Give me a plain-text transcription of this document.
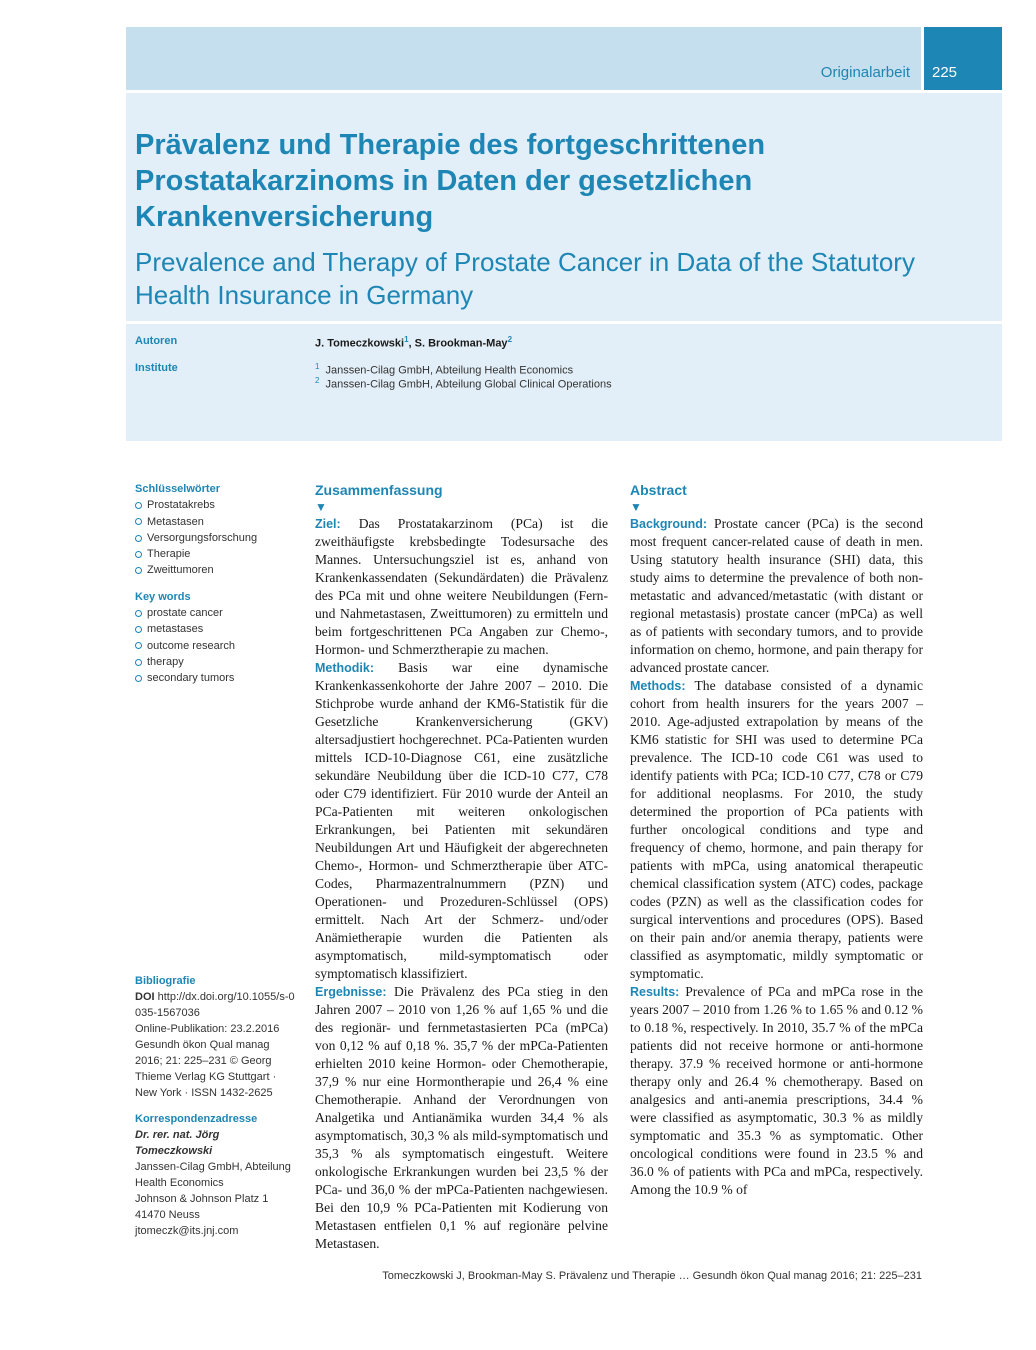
Originalarbeit 225
Prävalenz und Therapie des fortgeschrittenen Prostatakarzinoms in Daten der gesetzlichen Krankenversicherung
Prevalence and Therapy of Prostate Cancer in Data of the Statutory Health Insurance in Germany
Autoren	J. Tomeczkowski$^1$, S. Brookman-May$^2$
Institute	$^1$ Janssen-Cilag GmbH, Abteilung Health Economics
$^2$ Janssen-Cilag GmbH, Abteilung Global Clinical Operations
Schlüsselwörter
Prostatakrebs
Metastasen
Versorgungsforschung
Therapie
Zweittumoren
Key words
prostate cancer
metastases
outcome research
therapy
secondary tumors
Bibliografie
DOI http://dx.doi.org/10.1055/s-0035-1567036
Online-Publikation: 23.2.2016
Gesundh ökon Qual manag 2016; 21: 225–231 © Georg Thieme Verlag KG Stuttgart · New York · ISSN 1432-2625
Korrespondenzadresse
Dr. rer. nat. Jörg Tomeczkowski
Janssen-Cilag GmbH, Abteilung Health Economics
Johnson & Johnson Platz 1
41470 Neuss
jtomeczk@its.jnj.com
Zusammenfassung
▼

Ziel: Das Prostatakarzinom (PCa) ist die zweithäufigste krebsbedingte Todesursache des Mannes. Untersuchungsziel ist es, anhand von Krankenkassendaten (Sekundärdaten) die Prävalenz des PCa mit und ohne weitere Neubildungen (Fern- und Nahmetastasen, Zweittumoren) zu ermitteln und beim fortgeschrittenen PCa Angaben zur Chemo-, Hormon- und Schmerztherapie zu machen.

Methodik: Basis war eine dynamische Krankenkassenkohorte der Jahre 2007 – 2010. Die Stichprobe wurde anhand der KM6-Statistik für die Gesetzliche Krankenversicherung (GKV) altersadjustiert hochgerechnet. PCa-Patienten wurden mittels ICD-10-Diagnose C61, eine zusätzliche sekundäre Neubildung über die ICD-10 C77, C78 oder C79 identifiziert. Für 2010 wurde der Anteil an PCa-Patienten mit weiteren onkologischen Erkrankungen, bei Patienten mit sekundären Neubildungen Art und Häufigkeit der abgerechneten Chemo-, Hormon- und Schmerztherapie über ATC-Codes, Pharmazentralnummern (PZN) und Operationen- und Prozeduren-Schlüssel (OPS) ermittelt. Nach Art der Schmerz- und/oder Anämietherapie wurden die Patienten als asymptomatisch, mild-symptomatisch oder symptomatisch klassifiziert.

Ergebnisse: Die Prävalenz des PCa stieg in den Jahren 2007 – 2010 von 1,26 % auf 1,65 % und die des regionär- und fernmetastasierten PCa (mPCa) von 0,12 % auf 0,18 %. 35,7 % der mPCa-Patienten erhielten 2010 keine Hormon- oder Chemotherapie, 37,9 % nur eine Hormontherapie und 26,4 % eine Chemotherapie. Anhand der Verordnungen von Analgetika und Antianämika wurden 34,4 % als asymptomatisch, 30,3 % als mild-symptomatisch und 35,3 % als symptomatisch eingestuft. Weitere onkologische Erkrankungen wurden bei 23,5 % der PCa- und 36,0 % der mPCa-Patienten nachgewiesen. Bei den 10,9 % PCa-Patienten mit Kodierung von Metastasen entfielen 0,1 % auf regionäre pelvine Metastasen.

Abstract
▼

Background: Prostate cancer (PCa) is the second most frequent cancer-related cause of death in men. Using statutory health insurance (SHI) data, this study aims to determine the prevalence of both non-metastatic and advanced/metastatic (with distant or regional metastasis) prostate cancer (mPCa) as well as of patients with secondary tumors, and to provide information on chemo, hormone, and pain therapy for advanced prostate cancer.

Methods: The database consisted of a dynamic cohort from health insurers for the years 2007 – 2010. Age-adjusted extrapolation by means of the KM6 statistic for SHI was used to determine PCa prevalence. The ICD-10 code C61 was used to identify patients with PCa; ICD-10 C77, C78 or C79 for additional neoplasms. For 2010, the study determined the proportion of PCa patients with further oncological conditions and type and frequency of chemo, hormone, and pain therapy for patients with mPCa, using anatomical therapeutic chemical classification system (ATC) codes, package codes (PZN) as well as the classification codes for surgical interventions and procedures (OPS). Based on their pain and/or anemia therapy, patients were classified as asymptomatic, mildly symptomatic or symptomatic.

Results: Prevalence of PCa and mPCa rose in the years 2007 – 2010 from 1.26 % to 1.65 % and 0.12 % to 0.18 %, respectively. In 2010, 35.7 % of the mPCa patients did not receive hormone or anti-hormone therapy. 37.9 % received hormone or anti-hormone therapy only and 26.4 % chemotherapy. Based on analgesics and anti-anemia prescriptions, 34.4 % were classified as asymptomatic, 30.3 % as mildly symptomatic and 35.3 % as symptomatic. Other oncological conditions were found in 23.5 % and 36.0 % of patients with PCa and mPCa, respectively. Among the 10.9 % of

Tomeczkowski J, Brookman-May S. Prävalenz und Therapie … Gesundh ökon Qual manag 2016; 21: 225–231
